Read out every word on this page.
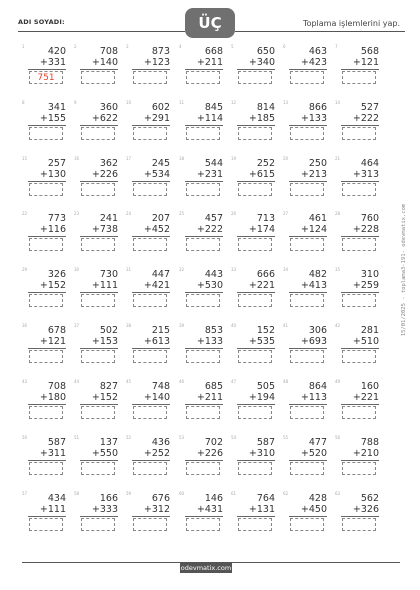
ADI SOYADI:	ÜÇ	Toplama işlemlerini yap.
1	420
+331
751
2	708
+140
3	873
+123
4	668
+211
5	650
+340
6	463
+423
7	568
+121
8	341
+155
9	360
+622
10	602
+291
11	845
+114
12	814
+185
13	866
+133
14	527
+222
15	257
+130
16	362
+226
17	245
+534
18	544
+231
19	252
+615
20	250
+213
21	464
+313
22	773
+116
23	241
+738
24	207
+452
25	457
+222
26	713
+174
27	461
+124
28	760
+228
29	326
+152
30	730
+111
31	447
+421
32	443
+530
33	666
+221
34	482
+413
35	310
+259
36	678
+121
37	502
+153
38	215
+613
39	853
+133
40	152
+535
41	306
+693
42	281
+510
43	708
+180
44	827
+152
45	748
+140
46	685
+211
47	505
+194
48	864
+113
49	160
+221
50	587
+311
51	137
+550
52	436
+252
53	702
+226
54	587
+310
55	477
+520
56	788
+210
57	434
+111
58	166
+333
59	676
+312
60	146
+431
61	764
+131
62	428
+450
63	562
+326
15/01/2025 - toplama3-191- odevmatix.com
odevmatix.com
